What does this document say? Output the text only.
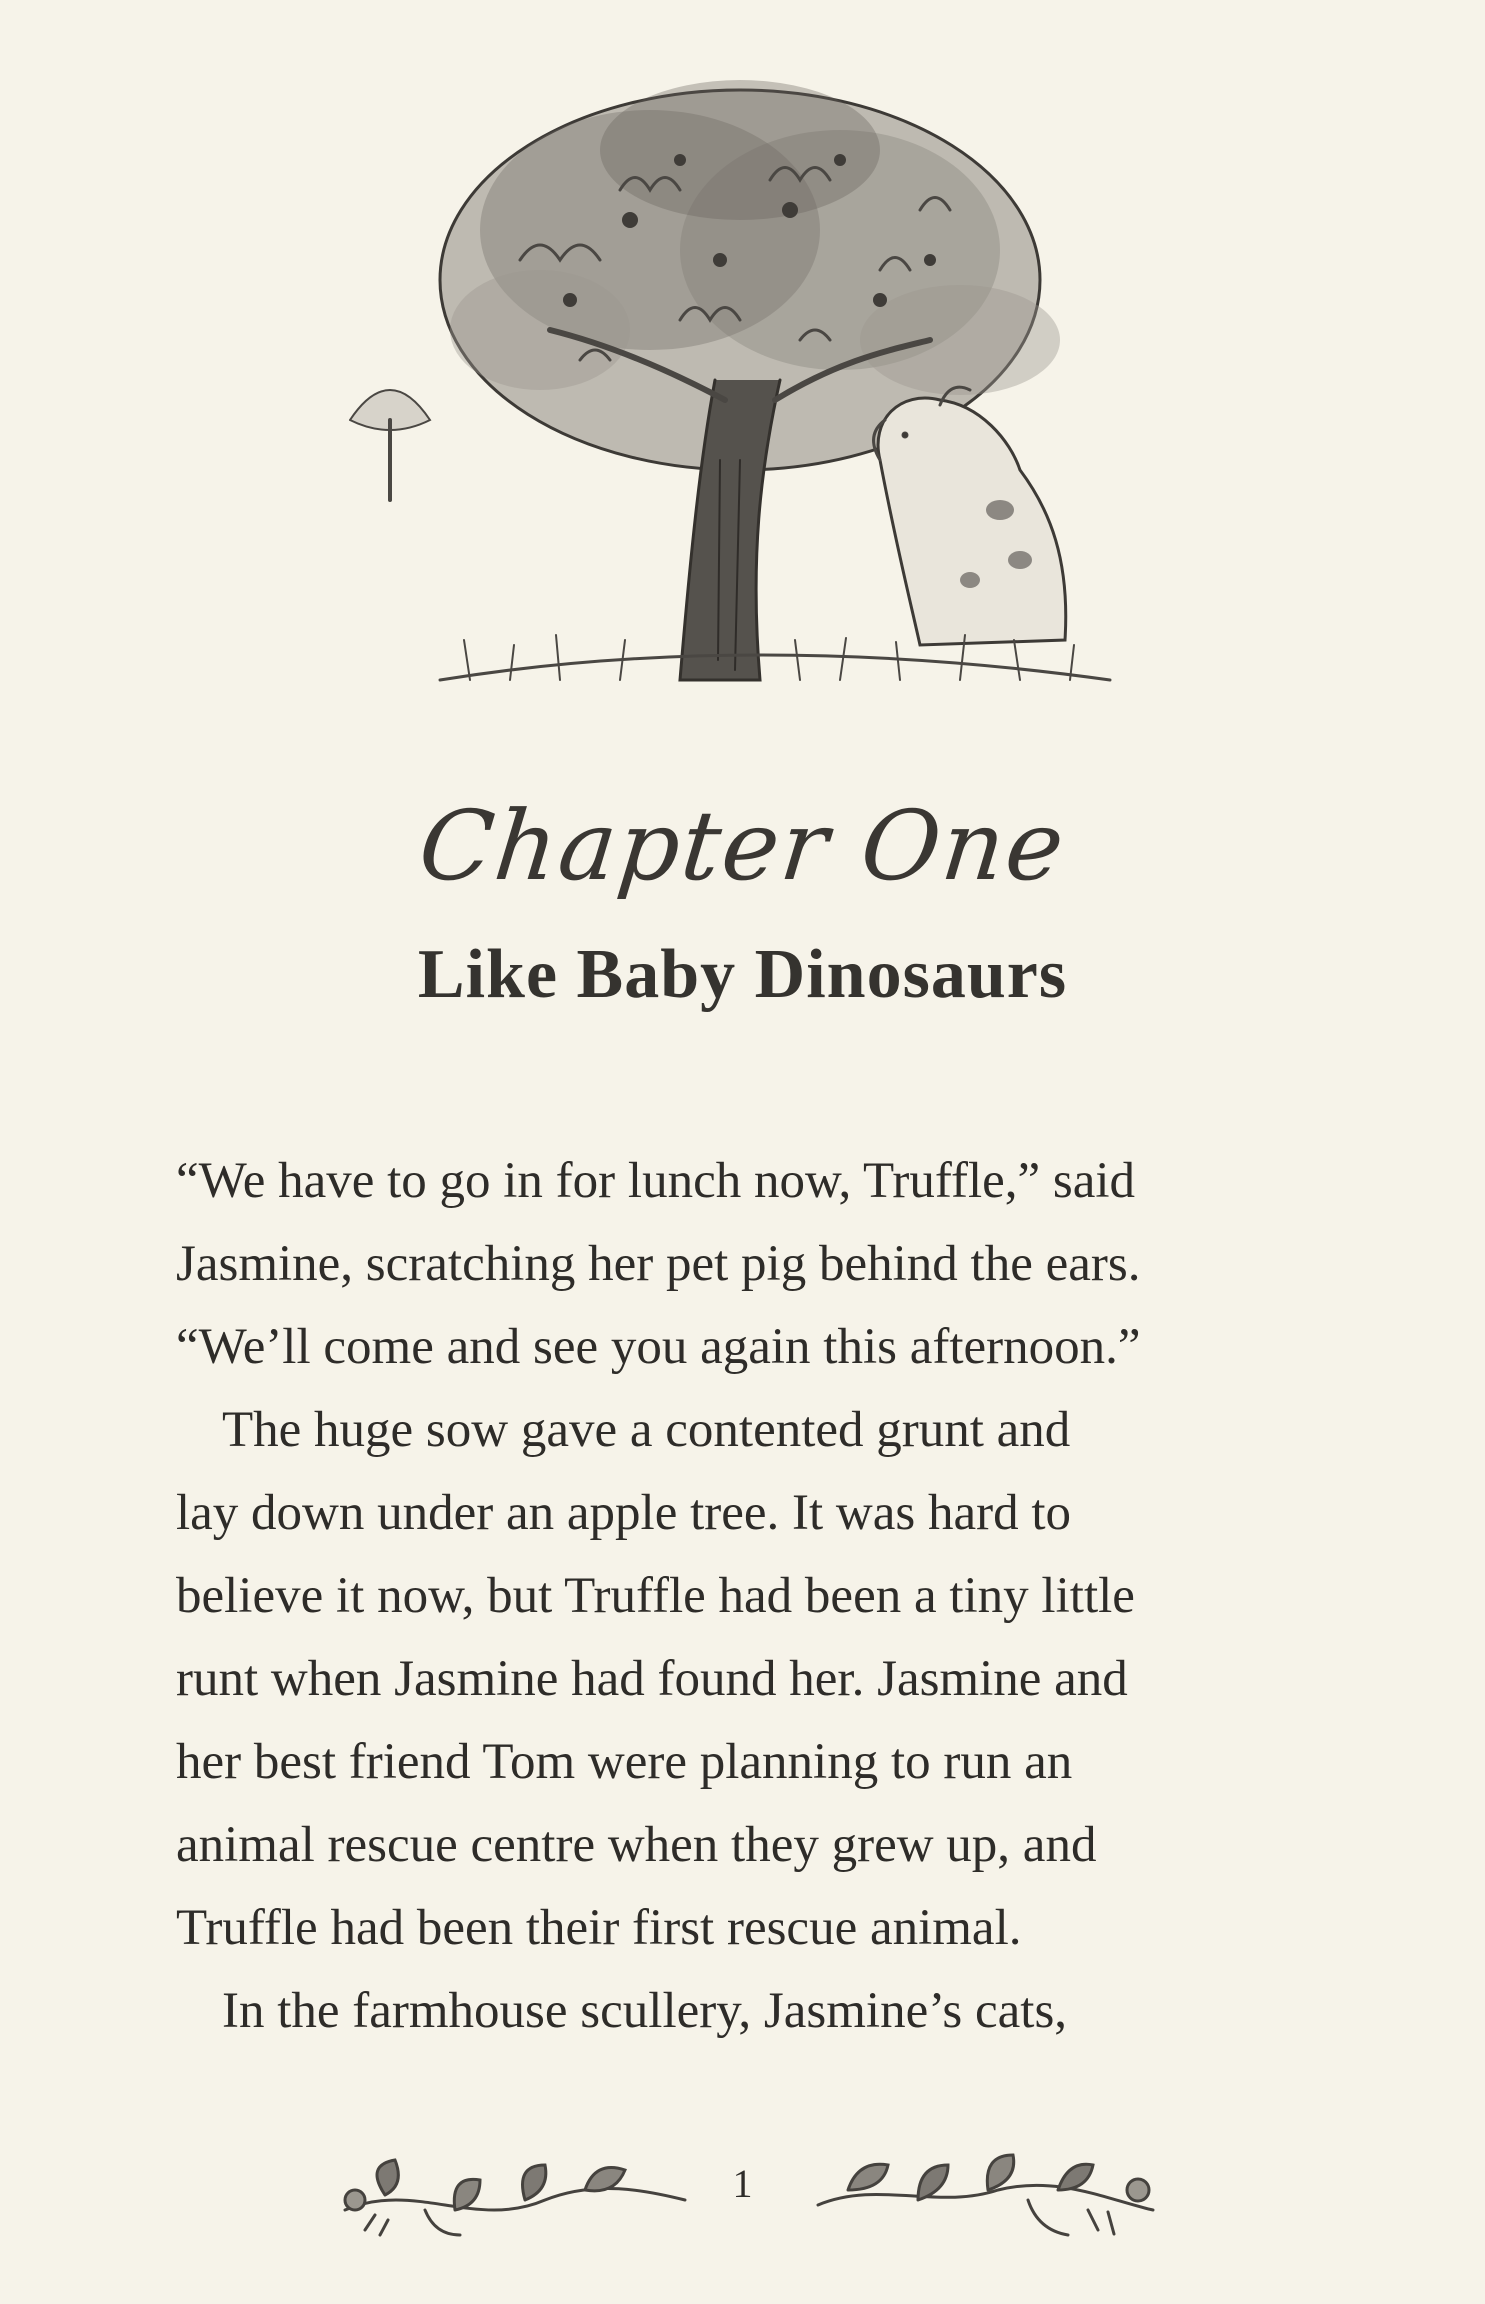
Chapter One
Like Baby Dinosaurs
“We have to go in for lunch now, Truffle,” said
Jasmine, scratching her pet pig behind the ears.
“We’ll come and see you again this afternoon.”
The huge sow gave a contented grunt and
lay down under an apple tree. It was hard to
believe it now, but Truffle had been a tiny little
runt when Jasmine had found her. Jasmine and
her best friend Tom were planning to run an
animal rescue centre when they grew up, and
Truffle had been their first rescue animal.
In the farmhouse scullery, Jasmine’s cats,
1
